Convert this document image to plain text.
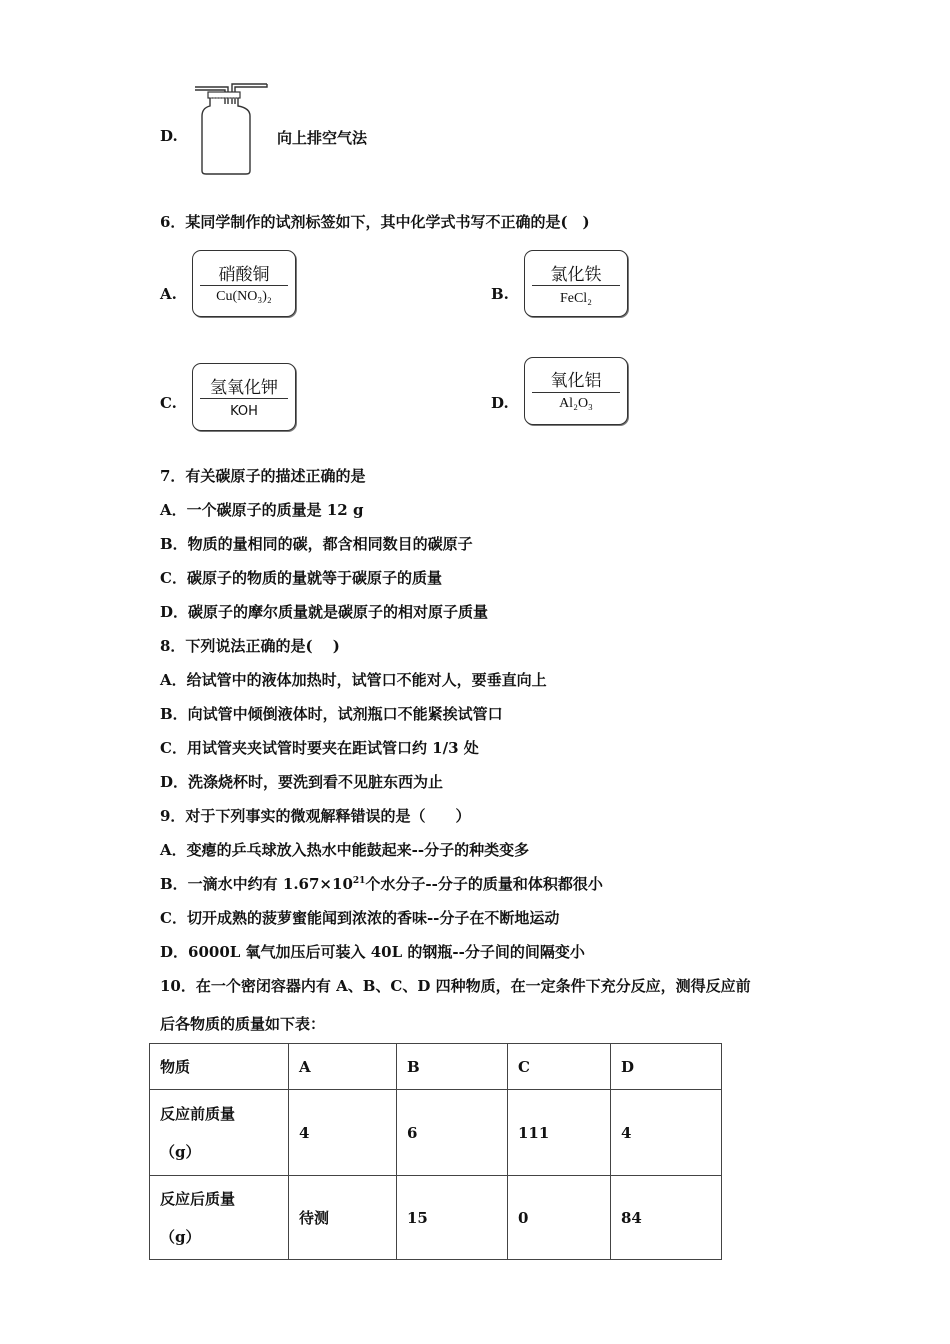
D.	向上排空气法
6．某同学制作的试剂标签如下，其中化学式书写不正确的是(　)
A.
硝酸铜
Cu(NO₃)₂	B.
氯化铁
FeCl₂
C.
氢氧化钾
KOH	D.
氧化铝
Al₂O₃
7．有关碳原子的描述正确的是
A．一个碳原子的质量是 12 g
B．物质的量相同的碳，都含相同数目的碳原子
C．碳原子的物质的量就等于碳原子的质量
D．碳原子的摩尔质量就是碳原子的相对原子质量
8．下列说法正确的是(　 )
A．给试管中的液体加热时，试管口不能对人，要垂直向上
B．向试管中倾倒液体时，试剂瓶口不能紧挨试管口
C．用试管夹夹试管时要夹在距试管口约 1/3 处
D．洗涤烧杯时，要洗到看不见脏东西为止
9．对于下列事实的微观解释错误的是（　　）
A．变瘪的乒乓球放入热水中能鼓起来--分子的种类变多
B．一滴水中约有 $1.67\times 10^{21}$个水分子--分子的质量和体积都很小
C．切开成熟的菠萝蜜能闻到浓浓的香味--分子在不断地运动
D．6000L 氧气加压后可装入 40L 的钢瓶--分子间的间隔变小
10．在一个密闭容器内有 A、B、C、D 四种物质，在一定条件下充分反应，测得反应前
后各物质的质量如下表：
物质	A	B	C	D

反应前质量
（g）	4	6	111	4

反应后质量
（g）	待测	15	0	84
